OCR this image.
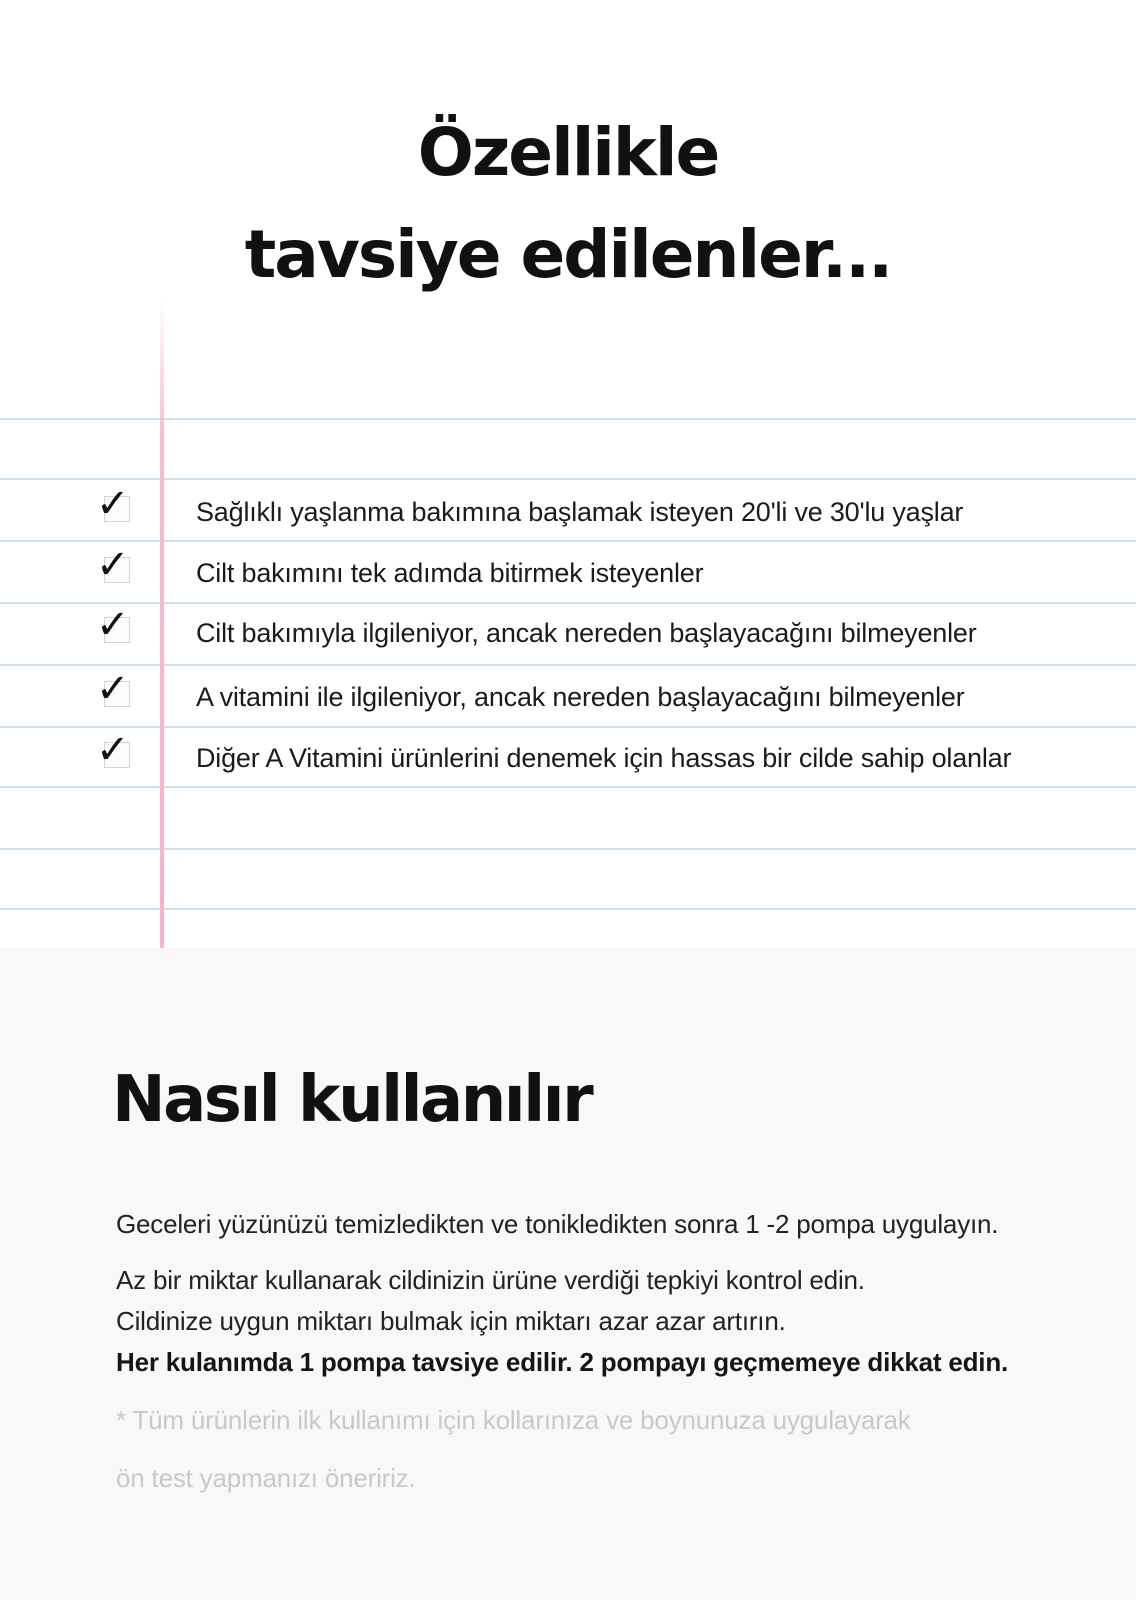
Özellikle
tavsiye edilenler...
✓	Sağlıklı yaşlanma bakımına başlamak isteyen 20'li ve 30'lu yaşlar
✓	Cilt bakımını tek adımda bitirmek isteyenler
✓	Cilt bakımıyla ilgileniyor, ancak nereden başlayacağını bilmeyenler
✓	A vitamini ile ilgileniyor, ancak nereden başlayacağını bilmeyenler
✓	Diğer A Vitamini ürünlerini denemek için hassas bir cilde sahip olanlar
Nasıl kullanılır

Geceleri yüzünüzü temizledikten ve tonikledikten sonra 1 -2 pompa uygulayın.

Az bir miktar kullanarak cildinizin ürüne verdiği tepkiyi kontrol edin.

Cildinize uygun miktarı bulmak için miktarı azar azar artırın.

Her kulanımda 1 pompa tavsiye edilir. 2 pompayı geçmemeye dikkat edin.

* Tüm ürünlerin ilk kullanımı için kollarınıza ve boynunuza uygulayarak

ön test yapmanızı öneririz.
